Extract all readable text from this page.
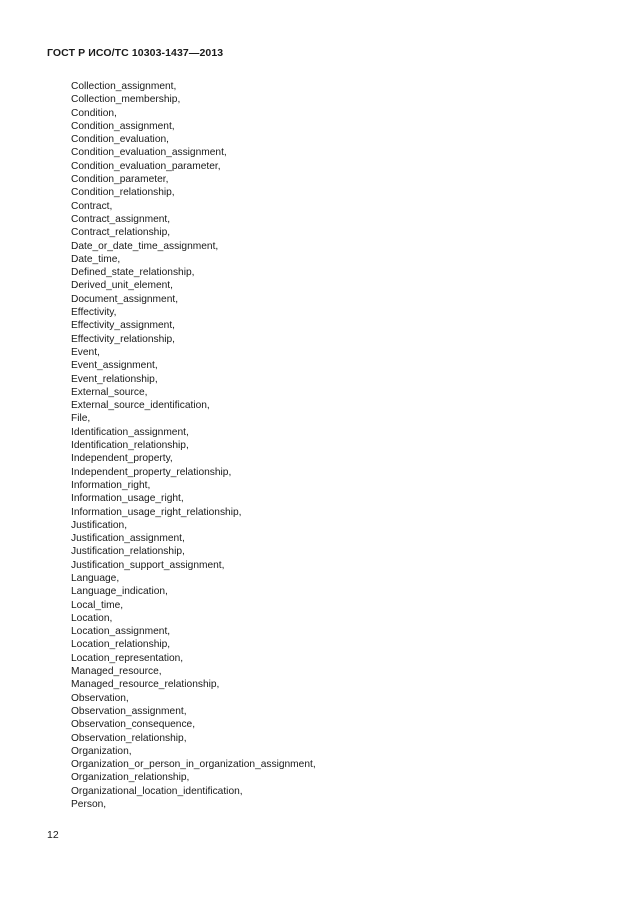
ГОСТ Р ИСО/ТС 10303-1437—2013
Collection_assignment,
Collection_membership,
Condition,
Condition_assignment,
Condition_evaluation,
Condition_evaluation_assignment,
Condition_evaluation_parameter,
Condition_parameter,
Condition_relationship,
Contract,
Contract_assignment,
Contract_relationship,
Date_or_date_time_assignment,
Date_time,
Defined_state_relationship,
Derived_unit_element,
Document_assignment,
Effectivity,
Effectivity_assignment,
Effectivity_relationship,
Event,
Event_assignment,
Event_relationship,
External_source,
External_source_identification,
File,
Identification_assignment,
Identification_relationship,
Independent_property,
Independent_property_relationship,
Information_right,
Information_usage_right,
Information_usage_right_relationship,
Justification,
Justification_assignment,
Justification_relationship,
Justification_support_assignment,
Language,
Language_indication,
Local_time,
Location,
Location_assignment,
Location_relationship,
Location_representation,
Managed_resource,
Managed_resource_relationship,
Observation,
Observation_assignment,
Observation_consequence,
Observation_relationship,
Organization,
Organization_or_person_in_organization_assignment,
Organization_relationship,
Organizational_location_identification,
Person,
12
